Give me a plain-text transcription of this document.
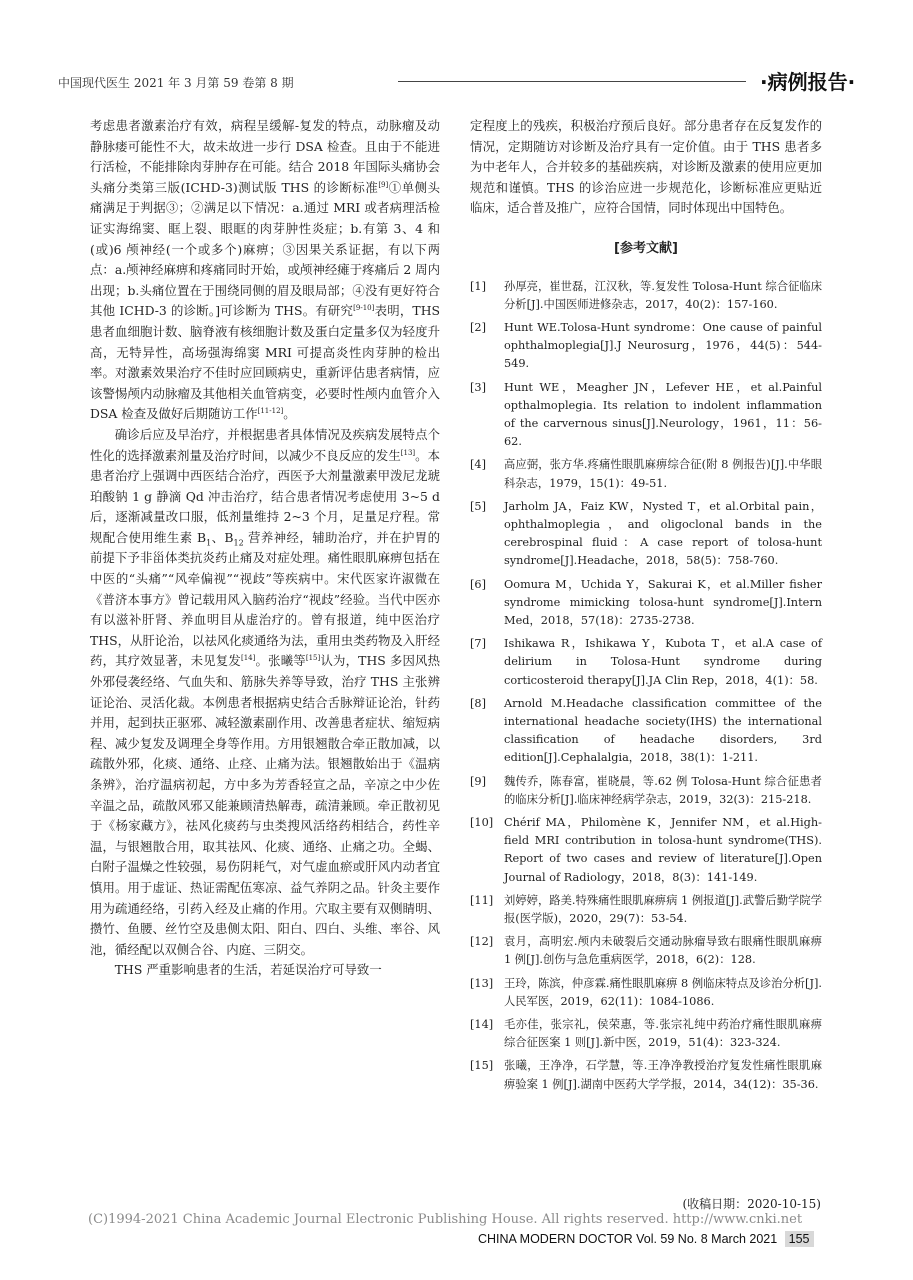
中国现代医生 2021 年 3 月第 59 卷第 8 期	·病例报告·

考虑患者激素治疗有效，病程呈缓解-复发的特点，动脉瘤及动静脉瘘可能性不大，故未故进一步行 DSA 检查。且由于不能进行活检，不能排除肉芽肿存在可能。结合 2018 年国际头痛协会头痛分类第三版(ICHD-3)测试版 THS 的诊断标准[9]①单侧头痛满足于判据③；②满足以下情况：a.通过 MRI 或者病理活检证实海绵窦、眶上裂、眼眶的肉芽肿性炎症；b.有第 3、4 和(或)6 颅神经(一个或多个)麻痹；③因果关系证据，有以下两点：a.颅神经麻痹和疼痛同时开始，或颅神经瘫于疼痛后 2 周内出现；b.头痛位置在于围绕同侧的眉及眼局部；④没有更好符合其他 ICHD-3 的诊断。]可诊断为 THS。有研究[9-10]表明，THS 患者血细胞计数、脑脊液有核细胞计数及蛋白定量多仅为轻度升高，无特异性，高场强海绵窦 MRI 可提高炎性肉芽肿的检出率。对激素效果治疗不佳时应回顾病史，重新评估患者病情，应该警惕颅内动脉瘤及其他相关血管病变，必要时性颅内血管介入 DSA 检查及做好后期随访工作[11-12]。

确诊后应及早治疗，并根据患者具体情况及疾病发展特点个性化的选择激素剂量及治疗时间，以减少不良反应的发生[13]。本患者治疗上强调中西医结合治疗，西医予大剂量激素甲泼尼龙琥珀酸钠 1 g 静滴 Qd 冲击治疗，结合患者情况考虑使用 3~5 d 后，逐渐减量改口服，低剂量维持 2~3 个月，足量足疗程。常规配合使用维生素 $B_1$、$B_{12}$ 营养神经，辅助治疗，并在护胃的前提下予非甾体类抗炎药止痛及对症处理。痛性眼肌麻痹包括在中医的“头痛”“风牵偏视”“视歧”等疾病中。宋代医家许淑微在《普济本事方》曾记载用风入脑药治疗“视歧”经验。当代中医亦有以滋补肝肾、养血明目从虚治疗的。曾有报道，纯中医治疗 THS，从肝论治，以祛风化痰通络为法，重用虫类药物及入肝经药，其疗效显著，未见复发[14]。张曦等[15]认为，THS 多因风热外邪侵袭经络、气血失和、筋脉失养等导致，治疗 THS 主张辨证论治、灵活化裁。本例患者根据病史结合舌脉辩证论治，针药并用，起到扶正驱邪、减轻激素副作用、改善患者症状、缩短病程、减少复发及调理全身等作用。方用银翘散合牵正散加减，以疏散外邪，化痰、通络、止痉、止痛为法。银翘散始出于《温病条辨》，治疗温病初起，方中多为芳香轻宣之品，辛凉之中少佐辛温之品，疏散风邪又能兼顾清热解毒，疏清兼顾。牵正散初见于《杨家藏方》，祛风化痰药与虫类搜风活络药相结合，药性辛温，与银翘散合用，取其祛风、化痰、通络、止痛之功。全蝎、白附子温燥之性较强，易伤阴耗气，对气虚血瘀或肝风内动者宜慎用。用于虚证、热证需配伍寒凉、益气养阴之品。针灸主要作用为疏通经络，引药入经及止痛的作用。穴取主要有双侧睛明、攒竹、鱼腰、丝竹空及患侧太阳、阳白、四白、头维、率谷、风池，循经配以双侧合谷、内庭、三阴交。

THS 严重影响患者的生活，若延误治疗可导致一

定程度上的残疾，积极治疗预后良好。部分患者存在反复发作的情况，定期随访对诊断及治疗具有一定价值。由于 THS 患者多为中老年人，合并较多的基础疾病，对诊断及激素的使用应更加规范和谨慎。THS 的诊治应进一步规范化，诊断标准应更贴近临床，适合普及推广，应符合国情，同时体现出中国特色。

[参考文献]
[1]	孙厚亮，崔世磊，江汉秋，等.复发性 Tolosa-Hunt 综合征临床分析[J].中国医师进修杂志，2017，40(2)：157-160.
[2]	Hunt WE.Tolosa-Hunt syndrome：One cause of painful ophthalmoplegia[J].J Neurosurg，1976，44(5)：544-549.
[3]	Hunt WE，Meagher JN，Lefever HE，et al.Painful opthalmoplegia. Its relation to indolent inflammation of the carvernous sinus[J].Neurology，1961，11：56-62.
[4]	高应弼，张方华.疼痛性眼肌麻痹综合征(附 8 例报告)[J].中华眼科杂志，1979，15(1)：49-51.
[5]	Jarholm JA，Faiz KW，Nysted T，et al.Orbital pain，ophthalmoplegia，and oligoclonal bands in the cerebrospinal fluid：A case report of tolosa-hunt syndrome[J].Headache，2018，58(5)：758-760.
[6]	Oomura M，Uchida Y，Sakurai K，et al.Miller fisher syndrome mimicking tolosa-hunt syndrome[J].Intern Med，2018，57(18)：2735-2738.
[7]	Ishikawa R，Ishikawa Y，Kubota T，et al.A case of delirium in Tolosa-Hunt syndrome during corticosteroid therapy[J].JA Clin Rep，2018，4(1)：58.
[8]	Arnold M.Headache classification committee of the international headache society(IHS) the international classification of headache disorders, 3rd edition[J].Cephalalgia，2018，38(1)：1-211.
[9]	魏传乔，陈春富，崔晓晨，等.62 例 Tolosa-Hunt 综合征患者的临床分析[J].临床神经病学杂志，2019，32(3)：215-218.
[10] Chérif MA，Philomène K，Jennifer NM，et al.High-field MRI contribution in tolosa-hunt syndrome(THS). Report of two cases and review of literature[J].Open Journal of Radiology，2018，8(3)：141-149.
[11] 刘婷婷，路美.特殊痛性眼肌麻痹病 1 例报道[J].武警后勤学院学报(医学版)，2020，29(7)：53-54.
[12] 袁月，高明宏.颅内未破裂后交通动脉瘤导致右眼痛性眼肌麻痹 1 例[J].创伤与急危重病医学，2018，6(2)：128.
[13] 王玲，陈滨，仲彦霖.痛性眼肌麻痹 8 例临床特点及诊治分析[J].人民军医，2019，62(11)：1084-1086.
[14] 毛亦佳，张宗礼，侯荣惠，等.张宗礼纯中药治疗痛性眼肌麻痹综合征医案 1 则[J].新中医，2019，51(4)：323-324.
[15] 张曦，王净净，石学慧，等.王净净教授治疗复发性痛性眼肌麻痹验案 1 例[J].湖南中医药大学学报，2014，34(12)：35-36.
(收稿日期：2020-10-15)
(C)1994-2021 China Academic Journal Electronic Publishing House. All rights reserved. http://www.cnki.net
CHINA MODERN DOCTOR Vol. 59 No. 8 March 2021 155
